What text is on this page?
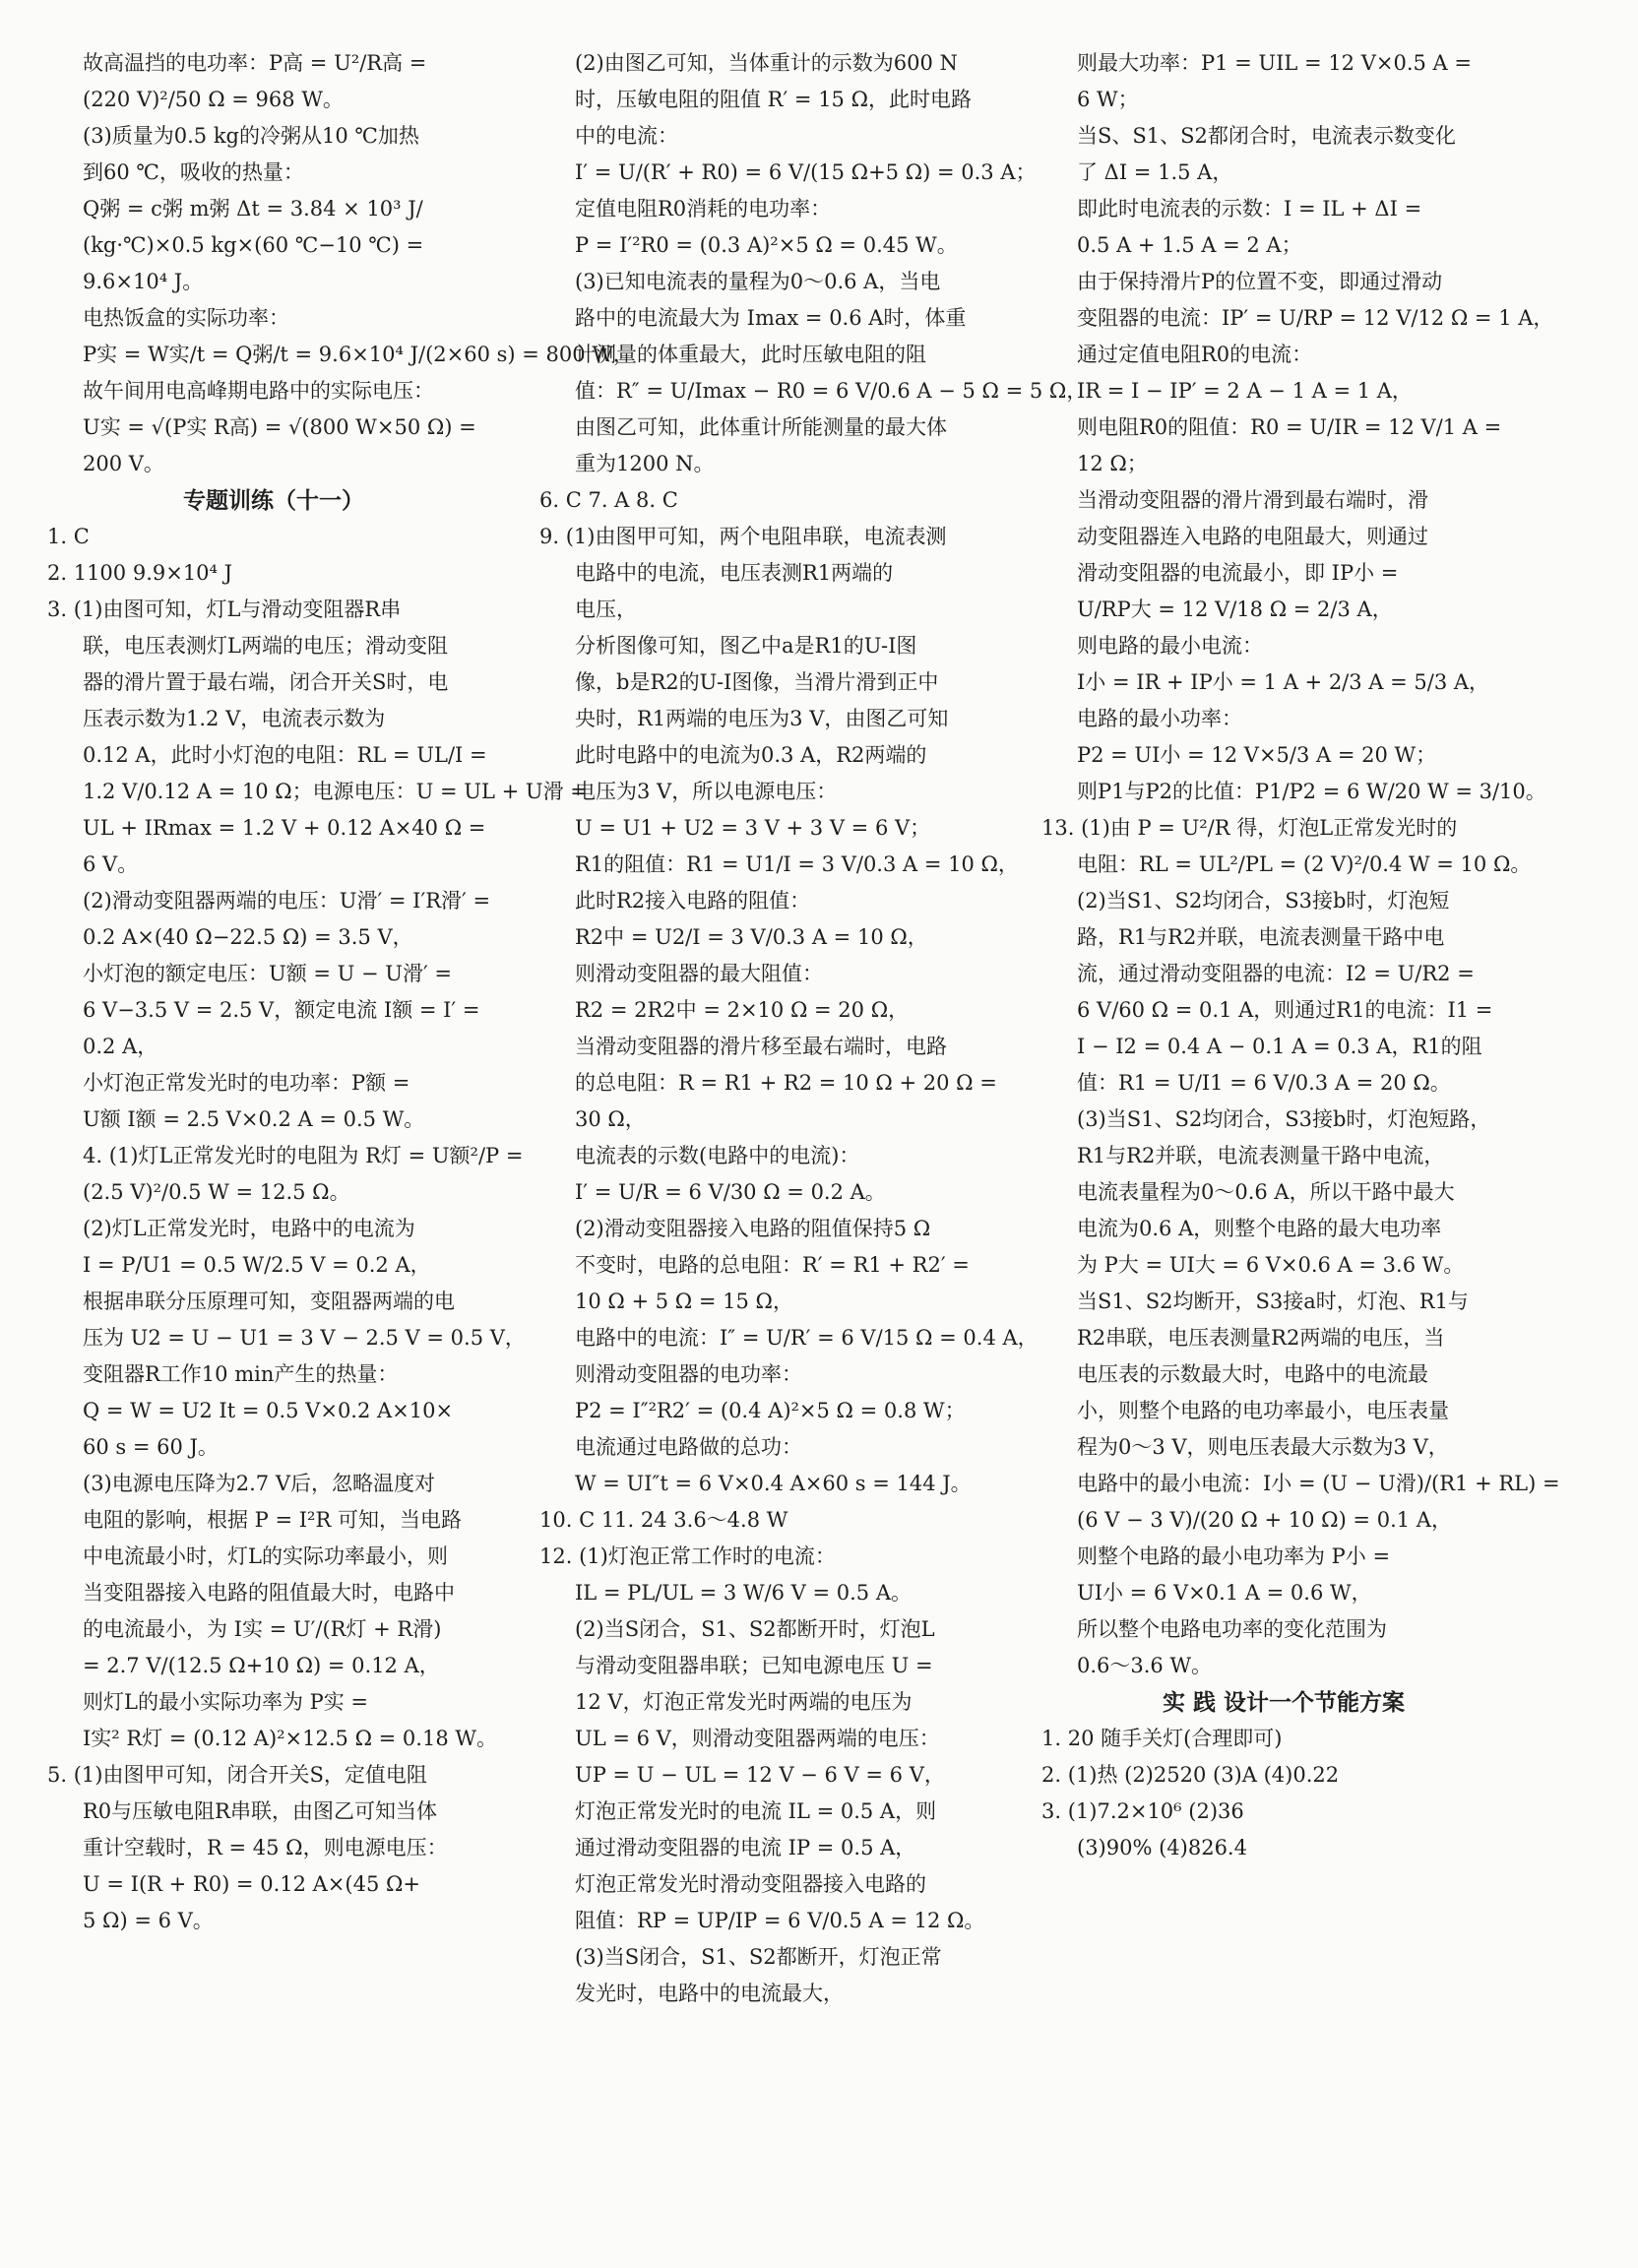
故高温挡的电功率：P高 = U²/R高 =
(220 V)²/50 Ω = 968 W。
(3)质量为0.5 kg的冷粥从10 ℃加热
到60 ℃，吸收的热量：
Q粥 = c粥 m粥 Δt = 3.84 × 10³ J/
(kg·℃)×0.5 kg×(60 ℃−10 ℃) =
9.6×10⁴ J。
电热饭盒的实际功率：
P实 = W实/t = Q粥/t = 9.6×10⁴ J/(2×60 s) = 800 W，
故午间用电高峰期电路中的实际电压：
U实 = √(P实 R高) = √(800 W×50 Ω) =
200 V。
专题训练（十一）
1. C
2. 1100 9.9×10⁴ J
3. (1)由图可知，灯L与滑动变阻器R串
联，电压表测灯L两端的电压；滑动变阻
器的滑片置于最右端，闭合开关S时，电
压表示数为1.2 V，电流表示数为
0.12 A，此时小灯泡的电阻：RL = UL/I =
1.2 V/0.12 A = 10 Ω；电源电压：U = UL + U滑 =
UL + IRmax = 1.2 V + 0.12 A×40 Ω =
6 V。
(2)滑动变阻器两端的电压：U滑′ = I′R滑′ =
0.2 A×(40 Ω−22.5 Ω) = 3.5 V，
小灯泡的额定电压：U额 = U − U滑′ =
6 V−3.5 V = 2.5 V，额定电流 I额 = I′ =
0.2 A，
小灯泡正常发光时的电功率：P额 =
U额 I额 = 2.5 V×0.2 A = 0.5 W。
4. (1)灯L正常发光时的电阻为 R灯 = U额²/P =
(2.5 V)²/0.5 W = 12.5 Ω。
(2)灯L正常发光时，电路中的电流为
I = P/U1 = 0.5 W/2.5 V = 0.2 A，
根据串联分压原理可知，变阻器两端的电
压为 U2 = U − U1 = 3 V − 2.5 V = 0.5 V，
变阻器R工作10 min产生的热量：
Q = W = U2 It = 0.5 V×0.2 A×10×
60 s = 60 J。
(3)电源电压降为2.7 V后，忽略温度对
电阻的影响，根据 P = I²R 可知，当电路
中电流最小时，灯L的实际功率最小，则
当变阻器接入电路的阻值最大时，电路中
的电流最小，为 I实 = U′/(R灯 + R滑)
= 2.7 V/(12.5 Ω+10 Ω) = 0.12 A，
则灯L的最小实际功率为 P实 =
I实² R灯 = (0.12 A)²×12.5 Ω = 0.18 W。
5. (1)由图甲可知，闭合开关S，定值电阻
R0与压敏电阻R串联，由图乙可知当体
重计空载时，R = 45 Ω，则电源电压：
U = I(R + R0) = 0.12 A×(45 Ω+
5 Ω) = 6 V。
(2)由图乙可知，当体重计的示数为600 N
时，压敏电阻的阻值 R′ = 15 Ω，此时电路
中的电流：
I′ = U/(R′ + R0) = 6 V/(15 Ω+5 Ω) = 0.3 A；
定值电阻R0消耗的电功率：
P = I′²R0 = (0.3 A)²×5 Ω = 0.45 W。
(3)已知电流表的量程为0～0.6 A，当电
路中的电流最大为 Imax = 0.6 A时，体重
计测量的体重最大，此时压敏电阻的阻
值：R″ = U/Imax − R0 = 6 V/0.6 A − 5 Ω = 5 Ω，
由图乙可知，此体重计所能测量的最大体
重为1200 N。
6. C 7. A 8. C
9. (1)由图甲可知，两个电阻串联，电流表测
电路中的电流，电压表测R1两端的
电压，
分析图像可知，图乙中a是R1的U-I图
像，b是R2的U-I图像，当滑片滑到正中
央时，R1两端的电压为3 V，由图乙可知
此时电路中的电流为0.3 A，R2两端的
电压为3 V，所以电源电压：
U = U1 + U2 = 3 V + 3 V = 6 V；
R1的阻值：R1 = U1/I = 3 V/0.3 A = 10 Ω，
此时R2接入电路的阻值：
R2中 = U2/I = 3 V/0.3 A = 10 Ω，
则滑动变阻器的最大阻值：
R2 = 2R2中 = 2×10 Ω = 20 Ω，
当滑动变阻器的滑片移至最右端时，电路
的总电阻：R = R1 + R2 = 10 Ω + 20 Ω =
30 Ω，
电流表的示数(电路中的电流)：
I′ = U/R = 6 V/30 Ω = 0.2 A。
(2)滑动变阻器接入电路的阻值保持5 Ω
不变时，电路的总电阻：R′ = R1 + R2′ =
10 Ω + 5 Ω = 15 Ω，
电路中的电流：I″ = U/R′ = 6 V/15 Ω = 0.4 A，
则滑动变阻器的电功率：
P2 = I″²R2′ = (0.4 A)²×5 Ω = 0.8 W；
电流通过电路做的总功：
W = UI″t = 6 V×0.4 A×60 s = 144 J。
10. C 11. 24 3.6～4.8 W
12. (1)灯泡正常工作时的电流：
IL = PL/UL = 3 W/6 V = 0.5 A。
(2)当S闭合，S1、S2都断开时，灯泡L
与滑动变阻器串联；已知电源电压 U =
12 V，灯泡正常发光时两端的电压为
UL = 6 V，则滑动变阻器两端的电压：
UP = U − UL = 12 V − 6 V = 6 V，
灯泡正常发光时的电流 IL = 0.5 A，则
通过滑动变阻器的电流 IP = 0.5 A，
灯泡正常发光时滑动变阻器接入电路的
阻值：RP = UP/IP = 6 V/0.5 A = 12 Ω。
(3)当S闭合，S1、S2都断开，灯泡正常
发光时，电路中的电流最大，
则最大功率：P1 = UIL = 12 V×0.5 A =
6 W；
当S、S1、S2都闭合时，电流表示数变化
了 ΔI = 1.5 A，
即此时电流表的示数：I = IL + ΔI =
0.5 A + 1.5 A = 2 A；
由于保持滑片P的位置不变，即通过滑动
变阻器的电流：IP′ = U/RP = 12 V/12 Ω = 1 A，
通过定值电阻R0的电流：
IR = I − IP′ = 2 A − 1 A = 1 A，
则电阻R0的阻值：R0 = U/IR = 12 V/1 A =
12 Ω；
当滑动变阻器的滑片滑到最右端时，滑
动变阻器连入电路的电阻最大，则通过
滑动变阻器的电流最小，即 IP小 =
U/RP大 = 12 V/18 Ω = 2/3 A，
则电路的最小电流：
I小 = IR + IP小 = 1 A + 2/3 A = 5/3 A，
电路的最小功率：
P2 = UI小 = 12 V×5/3 A = 20 W；
则P1与P2的比值：P1/P2 = 6 W/20 W = 3/10。
13. (1)由 P = U²/R 得，灯泡L正常发光时的
电阻：RL = UL²/PL = (2 V)²/0.4 W = 10 Ω。
(2)当S1、S2均闭合，S3接b时，灯泡短
路，R1与R2并联，电流表测量干路中电
流，通过滑动变阻器的电流：I2 = U/R2 =
6 V/60 Ω = 0.1 A，则通过R1的电流：I1 =
I − I2 = 0.4 A − 0.1 A = 0.3 A，R1的阻
值：R1 = U/I1 = 6 V/0.3 A = 20 Ω。
(3)当S1、S2均闭合，S3接b时，灯泡短路，
R1与R2并联，电流表测量干路中电流，
电流表量程为0～0.6 A，所以干路中最大
电流为0.6 A，则整个电路的最大电功率
为 P大 = UI大 = 6 V×0.6 A = 3.6 W。
当S1、S2均断开，S3接a时，灯泡、R1与
R2串联，电压表测量R2两端的电压，当
电压表的示数最大时，电路中的电流最
小，则整个电路的电功率最小，电压表量
程为0～3 V，则电压表最大示数为3 V，
电路中的最小电流：I小 = (U − U滑)/(R1 + RL) =
(6 V − 3 V)/(20 Ω + 10 Ω) = 0.1 A，
则整个电路的最小电功率为 P小 =
UI小 = 6 V×0.1 A = 0.6 W，
所以整个电路电功率的变化范围为
0.6～3.6 W。
实 践 设计一个节能方案
1. 20 随手关灯(合理即可)
2. (1)热 (2)2520 (3)A (4)0.22
3. (1)7.2×10⁶ (2)36
(3)90% (4)826.4
